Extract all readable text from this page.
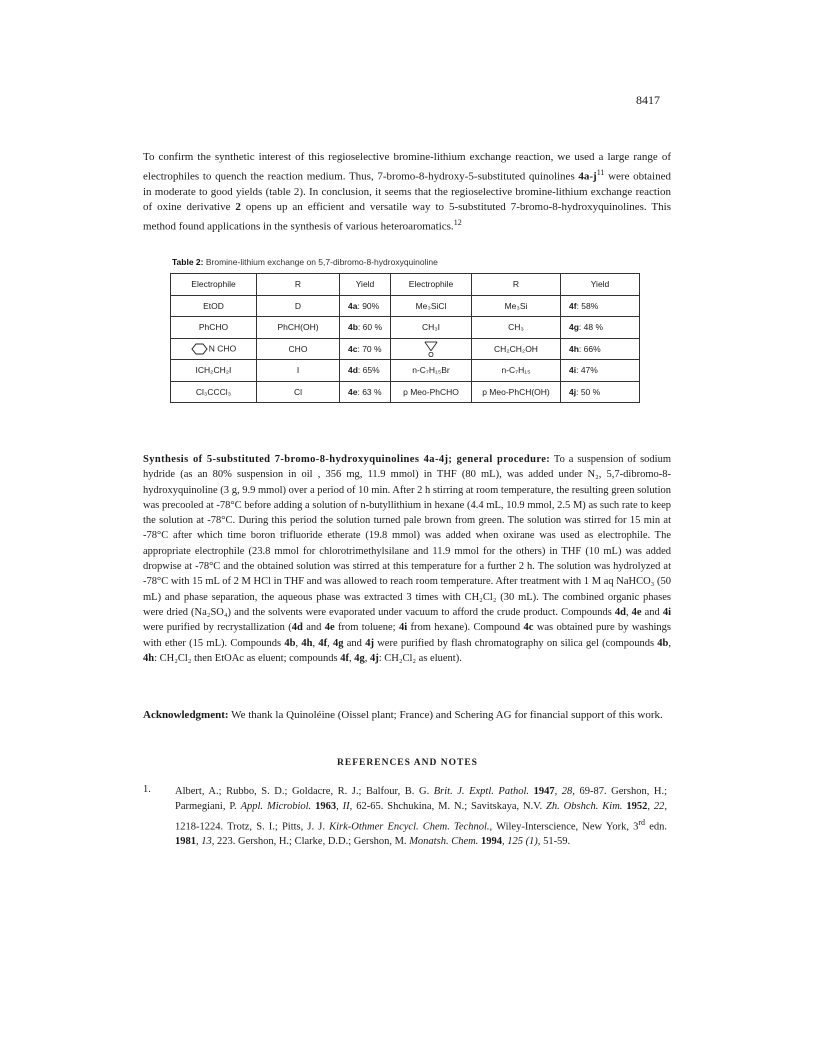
8417

To confirm the synthetic interest of this regioselective bromine-lithium exchange reaction, we used a large range of electrophiles to quench the reaction medium. Thus, 7-bromo-8-hydroxy-5-substituted quinolines $4a-j^{11}$ were obtained in moderate to good yields (table 2). In conclusion, it seems that the regioselective bromine-lithium exchange reaction of oxine derivative 2 opens up an efficient and versatile way to 5-substituted 7-bromo-8-hydroxyquinolines. This method found applications in the synthesis of various heteroaromatics.$^{12}$

Table 2: Bromine-lithium exchange on 5,7-dibromo-8-hydroxyquinoline
Electrophile	R	Yield	Electrophile	R	Yield
EtOD	D	4a: 90%	Me₃SiCl	Me₃Si	4f: 58%
PhCHO	PhCH(OH)	4b: 60 %	CH₃I	CH₃	4g: 48 %
N CHO	CHO	4c: 70 %	O	CH₂CH₂OH	4h: 66%
ICH₂CH₂I	I	4d: 65%	n-C₇H₁₅Br	n-C₇H₁₅	4i: 47%
Cl₃CCCl₃	Cl	4e: 63 %	p Meo-PhCHO	p Meo-PhCH(OH)	4j: 50 %

Synthesis of 5-substituted 7-bromo-8-hydroxyquinolines 4a-4j; general procedure: To a suspension of sodium hydride (as an 80% suspension in oil , 356 mg, 11.9 mmol) in THF (80 mL), was added under N₂, 5,7-dibromo-8-hydroxyquinoline (3 g, 9.9 mmol) over a period of 10 min. After 2 h stirring at room temperature, the resulting green solution was precooled at -78°C before adding a solution of n-butyllithium in hexane (4.4 mL, 10.9 mmol, 2.5 M) as such rate to keep the solution at -78°C. During this period the solution turned pale brown from green. The solution was stirred for 15 min at -78°C after which time boron trifluoride etherate (19.8 mmol) was added when oxirane was used as electrophile. The appropriate electrophile (23.8 mmol for chlorotrimethylsilane and 11.9 mmol for the others) in THF (10 mL) was added dropwise at -78°C and the obtained solution was stirred at this temperature for a further 2 h. The solution was hydrolyzed at -78°C with 15 mL of 2 M HCl in THF and was allowed to reach room temperature. After treatment with 1 M aq NaHCO₃ (50 mL) and phase separation, the aqueous phase was extracted 3 times with CH₂Cl₂ (30 mL). The combined organic phases were dried (Na₂SO₄) and the solvents were evaporated under vacuum to afford the crude product. Compounds 4d, 4e and 4i were purified by recrystallization (4d and 4e from toluene; 4i from hexane). Compound 4c was obtained pure by washings with ether (15 mL). Compounds 4b, 4h, 4f, 4g and 4j were purified by flash chromatography on silica gel (compounds 4b, 4h: CH₂Cl₂ then EtOAc as eluent; compounds 4f, 4g, 4j: CH₂Cl₂ as eluent).

Acknowledgment: We thank la Quinoléine (Oissel plant; France) and Schering AG for financial support of this work.

REFERENCES AND NOTES
1. Albert, A.; Rubbo, S. D.; Goldacre, R. J.; Balfour, B. G. Brit. J. Exptl. Pathol. 1947, 28, 69-87. Gershon, H.; Parmegiani, P. Appl. Microbiol. 1963, II, 62-65. Shchukina, M. N.; Savitskaya, N.V. Zh. Obshch. Kim. 1952, 22, 1218-1224. Trotz, S. I.; Pitts, J. J. Kirk-Othmer Encycl. Chem. Technol., Wiley-Interscience, New York, 3rd edn. 1981, 13, 223. Gershon, H.; Clarke, D.D.; Gershon, M. Monatsh. Chem. 1994, 125 (1), 51-59.
